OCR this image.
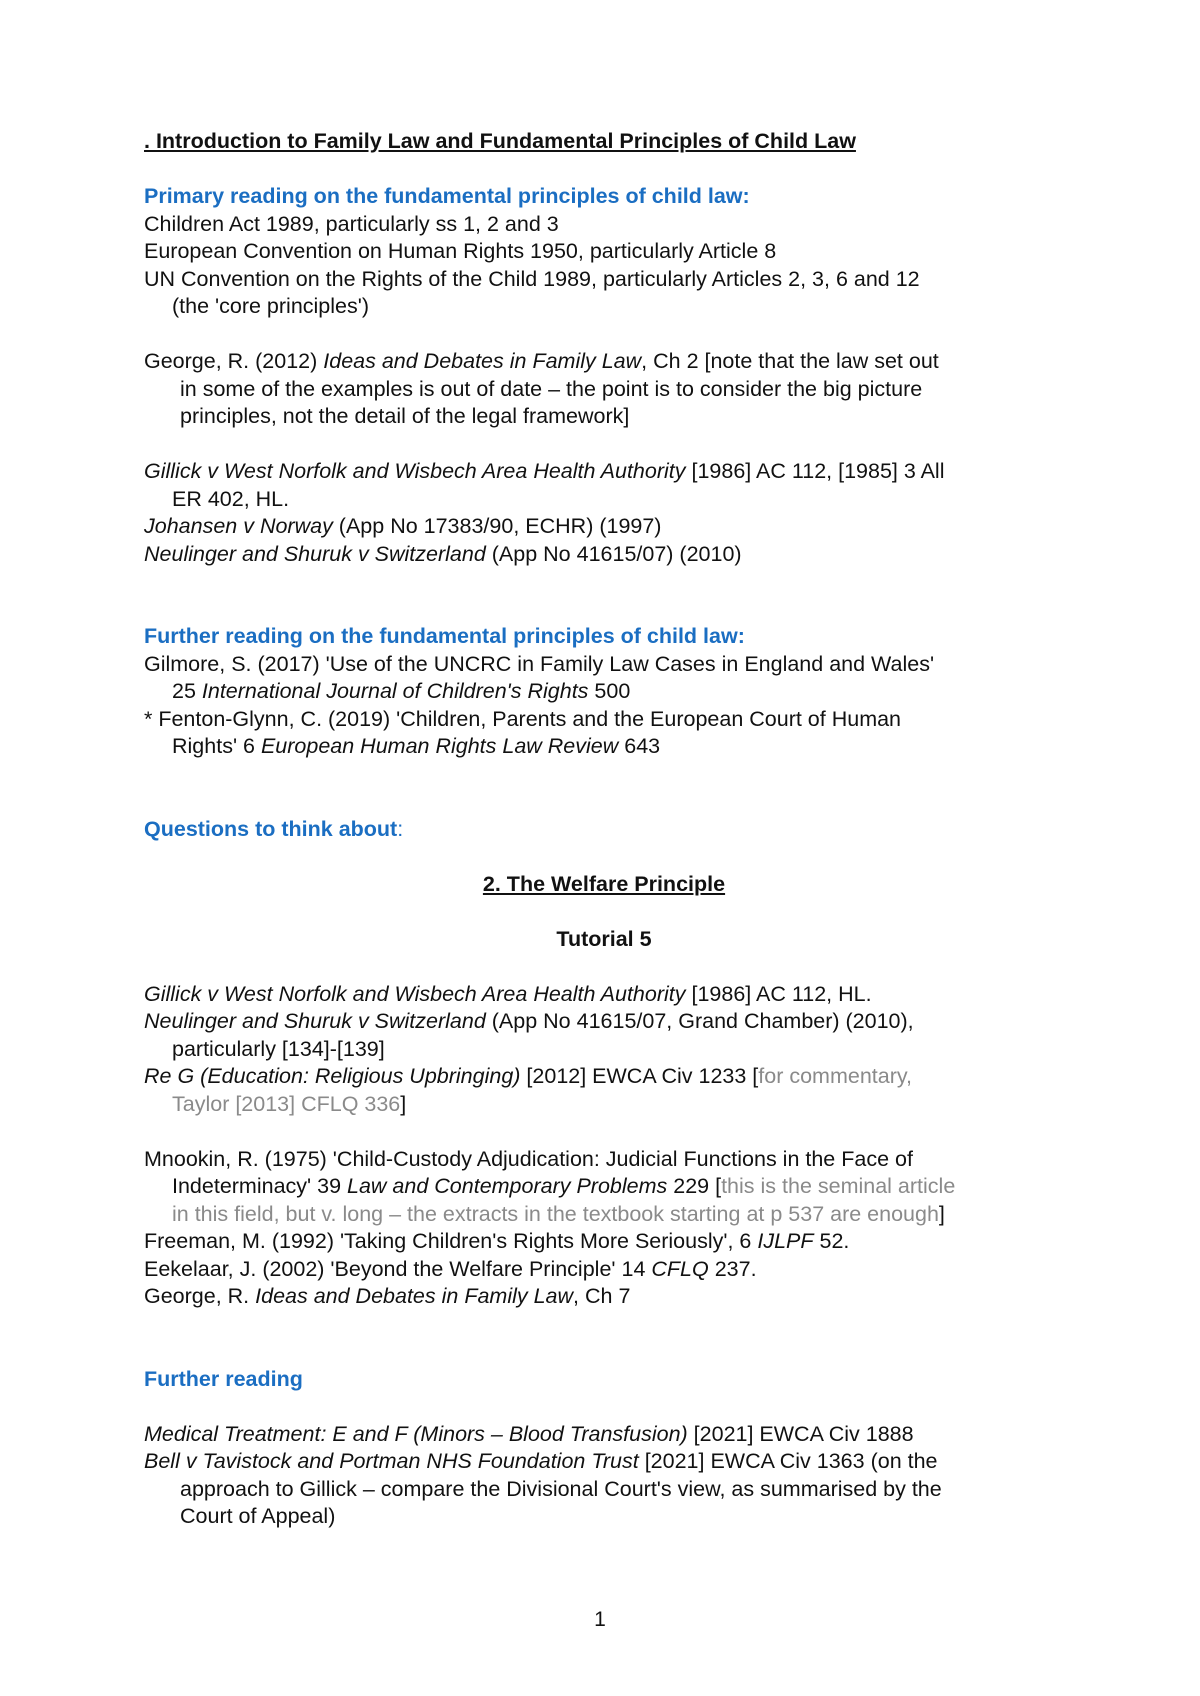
. Introduction to Family Law and Fundamental Principles of Child Law
Primary reading on the fundamental principles of child law:
Children Act 1989, particularly ss 1, 2 and 3
European Convention on Human Rights 1950, particularly Article 8
UN Convention on the Rights of the Child 1989, particularly Articles 2, 3, 6 and 12
(the 'core principles')
George, R. (2012) Ideas and Debates in Family Law, Ch 2 [note that the law set out
in some of the examples is out of date – the point is to consider the big picture
principles, not the detail of the legal framework]
Gillick v West Norfolk and Wisbech Area Health Authority [1986] AC 112, [1985] 3 All
ER 402, HL.
Johansen v Norway (App No 17383/90, ECHR) (1997)
Neulinger and Shuruk v Switzerland (App No 41615/07) (2010)
Further reading on the fundamental principles of child law:
Gilmore, S. (2017) 'Use of the UNCRC in Family Law Cases in England and Wales'
25 International Journal of Children's Rights 500
* Fenton-Glynn, C. (2019) 'Children, Parents and the European Court of Human
Rights' 6 European Human Rights Law Review 643
Questions to think about:
2. The Welfare Principle
Tutorial 5
Gillick v West Norfolk and Wisbech Area Health Authority [1986] AC 112, HL.
Neulinger and Shuruk v Switzerland (App No 41615/07, Grand Chamber) (2010),
particularly [134]-[139]
Re G (Education: Religious Upbringing) [2012] EWCA Civ 1233 [for commentary,
Taylor [2013] CFLQ 336]
Mnookin, R. (1975) 'Child-Custody Adjudication: Judicial Functions in the Face of
Indeterminacy' 39 Law and Contemporary Problems 229 [this is the seminal article
in this field, but v. long – the extracts in the textbook starting at p 537 are enough]
Freeman, M. (1992) 'Taking Children's Rights More Seriously', 6 IJLPF 52.
Eekelaar, J. (2002) 'Beyond the Welfare Principle' 14 CFLQ 237.
George, R. Ideas and Debates in Family Law, Ch 7
Further reading
Medical Treatment: E and F (Minors – Blood Transfusion) [2021] EWCA Civ 1888
Bell v Tavistock and Portman NHS Foundation Trust [2021] EWCA Civ 1363 (on the
approach to Gillick – compare the Divisional Court's view, as summarised by the
Court of Appeal)
1
